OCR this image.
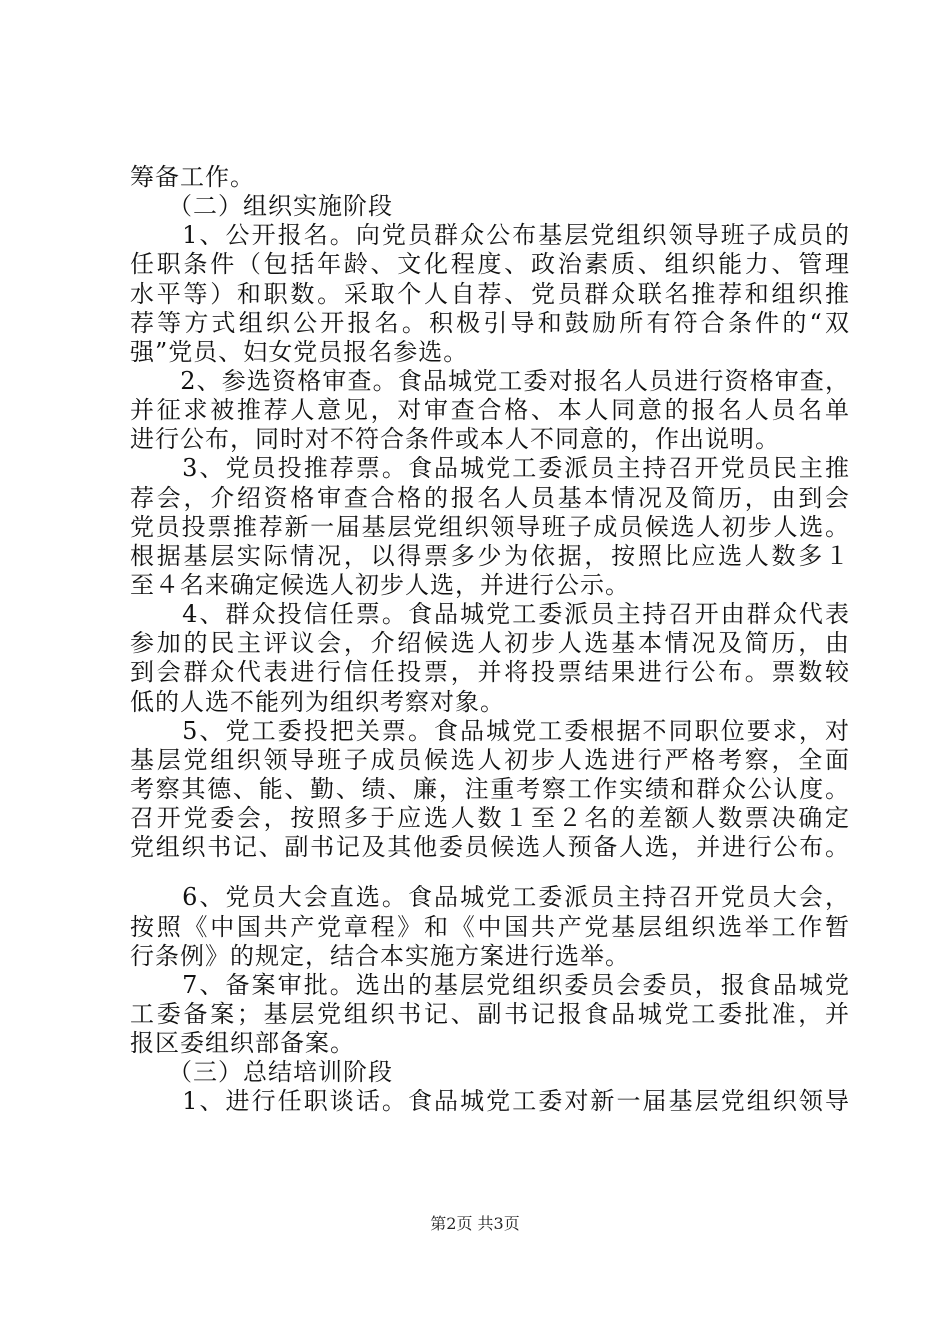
筹备工作。
　　（二）组织实施阶段
　　1、公开报名。向党员群众公布基层党组织领导班子成员的
任职条件（包括年龄、文化程度、政治素质、组织能力、管理
水平等）和职数。采取个人自荐、党员群众联名推荐和组织推
荐等方式组织公开报名。积极引导和鼓励所有符合条件的“双
强”党员、妇女党员报名参选。
　　2、参选资格审查。食品城党工委对报名人员进行资格审查，
并征求被推荐人意见，对审查合格、本人同意的报名人员名单
进行公布，同时对不符合条件或本人不同意的，作出说明。
　　3、党员投推荐票。食品城党工委派员主持召开党员民主推
荐会，介绍资格审查合格的报名人员基本情况及简历，由到会
党员投票推荐新一届基层党组织领导班子成员候选人初步人选。
根据基层实际情况，以得票多少为依据，按照比应选人数多１
至４名来确定候选人初步人选，并进行公示。
　　4、群众投信任票。食品城党工委派员主持召开由群众代表
参加的民主评议会，介绍候选人初步人选基本情况及简历，由
到会群众代表进行信任投票，并将投票结果进行公布。票数较
低的人选不能列为组织考察对象。
　　5、党工委投把关票。食品城党工委根据不同职位要求，对
基层党组织领导班子成员候选人初步人选进行严格考察，全面
考察其德、能、勤、绩、廉，注重考察工作实绩和群众公认度。
召开党委会，按照多于应选人数１至２名的差额人数票决确定
党组织书记、副书记及其他委员候选人预备人选，并进行公布。
　　6、党员大会直选。食品城党工委派员主持召开党员大会，
按照《中国共产党章程》和《中国共产党基层组织选举工作暂
行条例》的规定，结合本实施方案进行选举。
　　7、备案审批。选出的基层党组织委员会委员，报食品城党
工委备案；基层党组织书记、副书记报食品城党工委批准，并
报区委组织部备案。
　　（三）总结培训阶段
　　1、进行任职谈话。食品城党工委对新一届基层党组织领导
第2页 共3页
